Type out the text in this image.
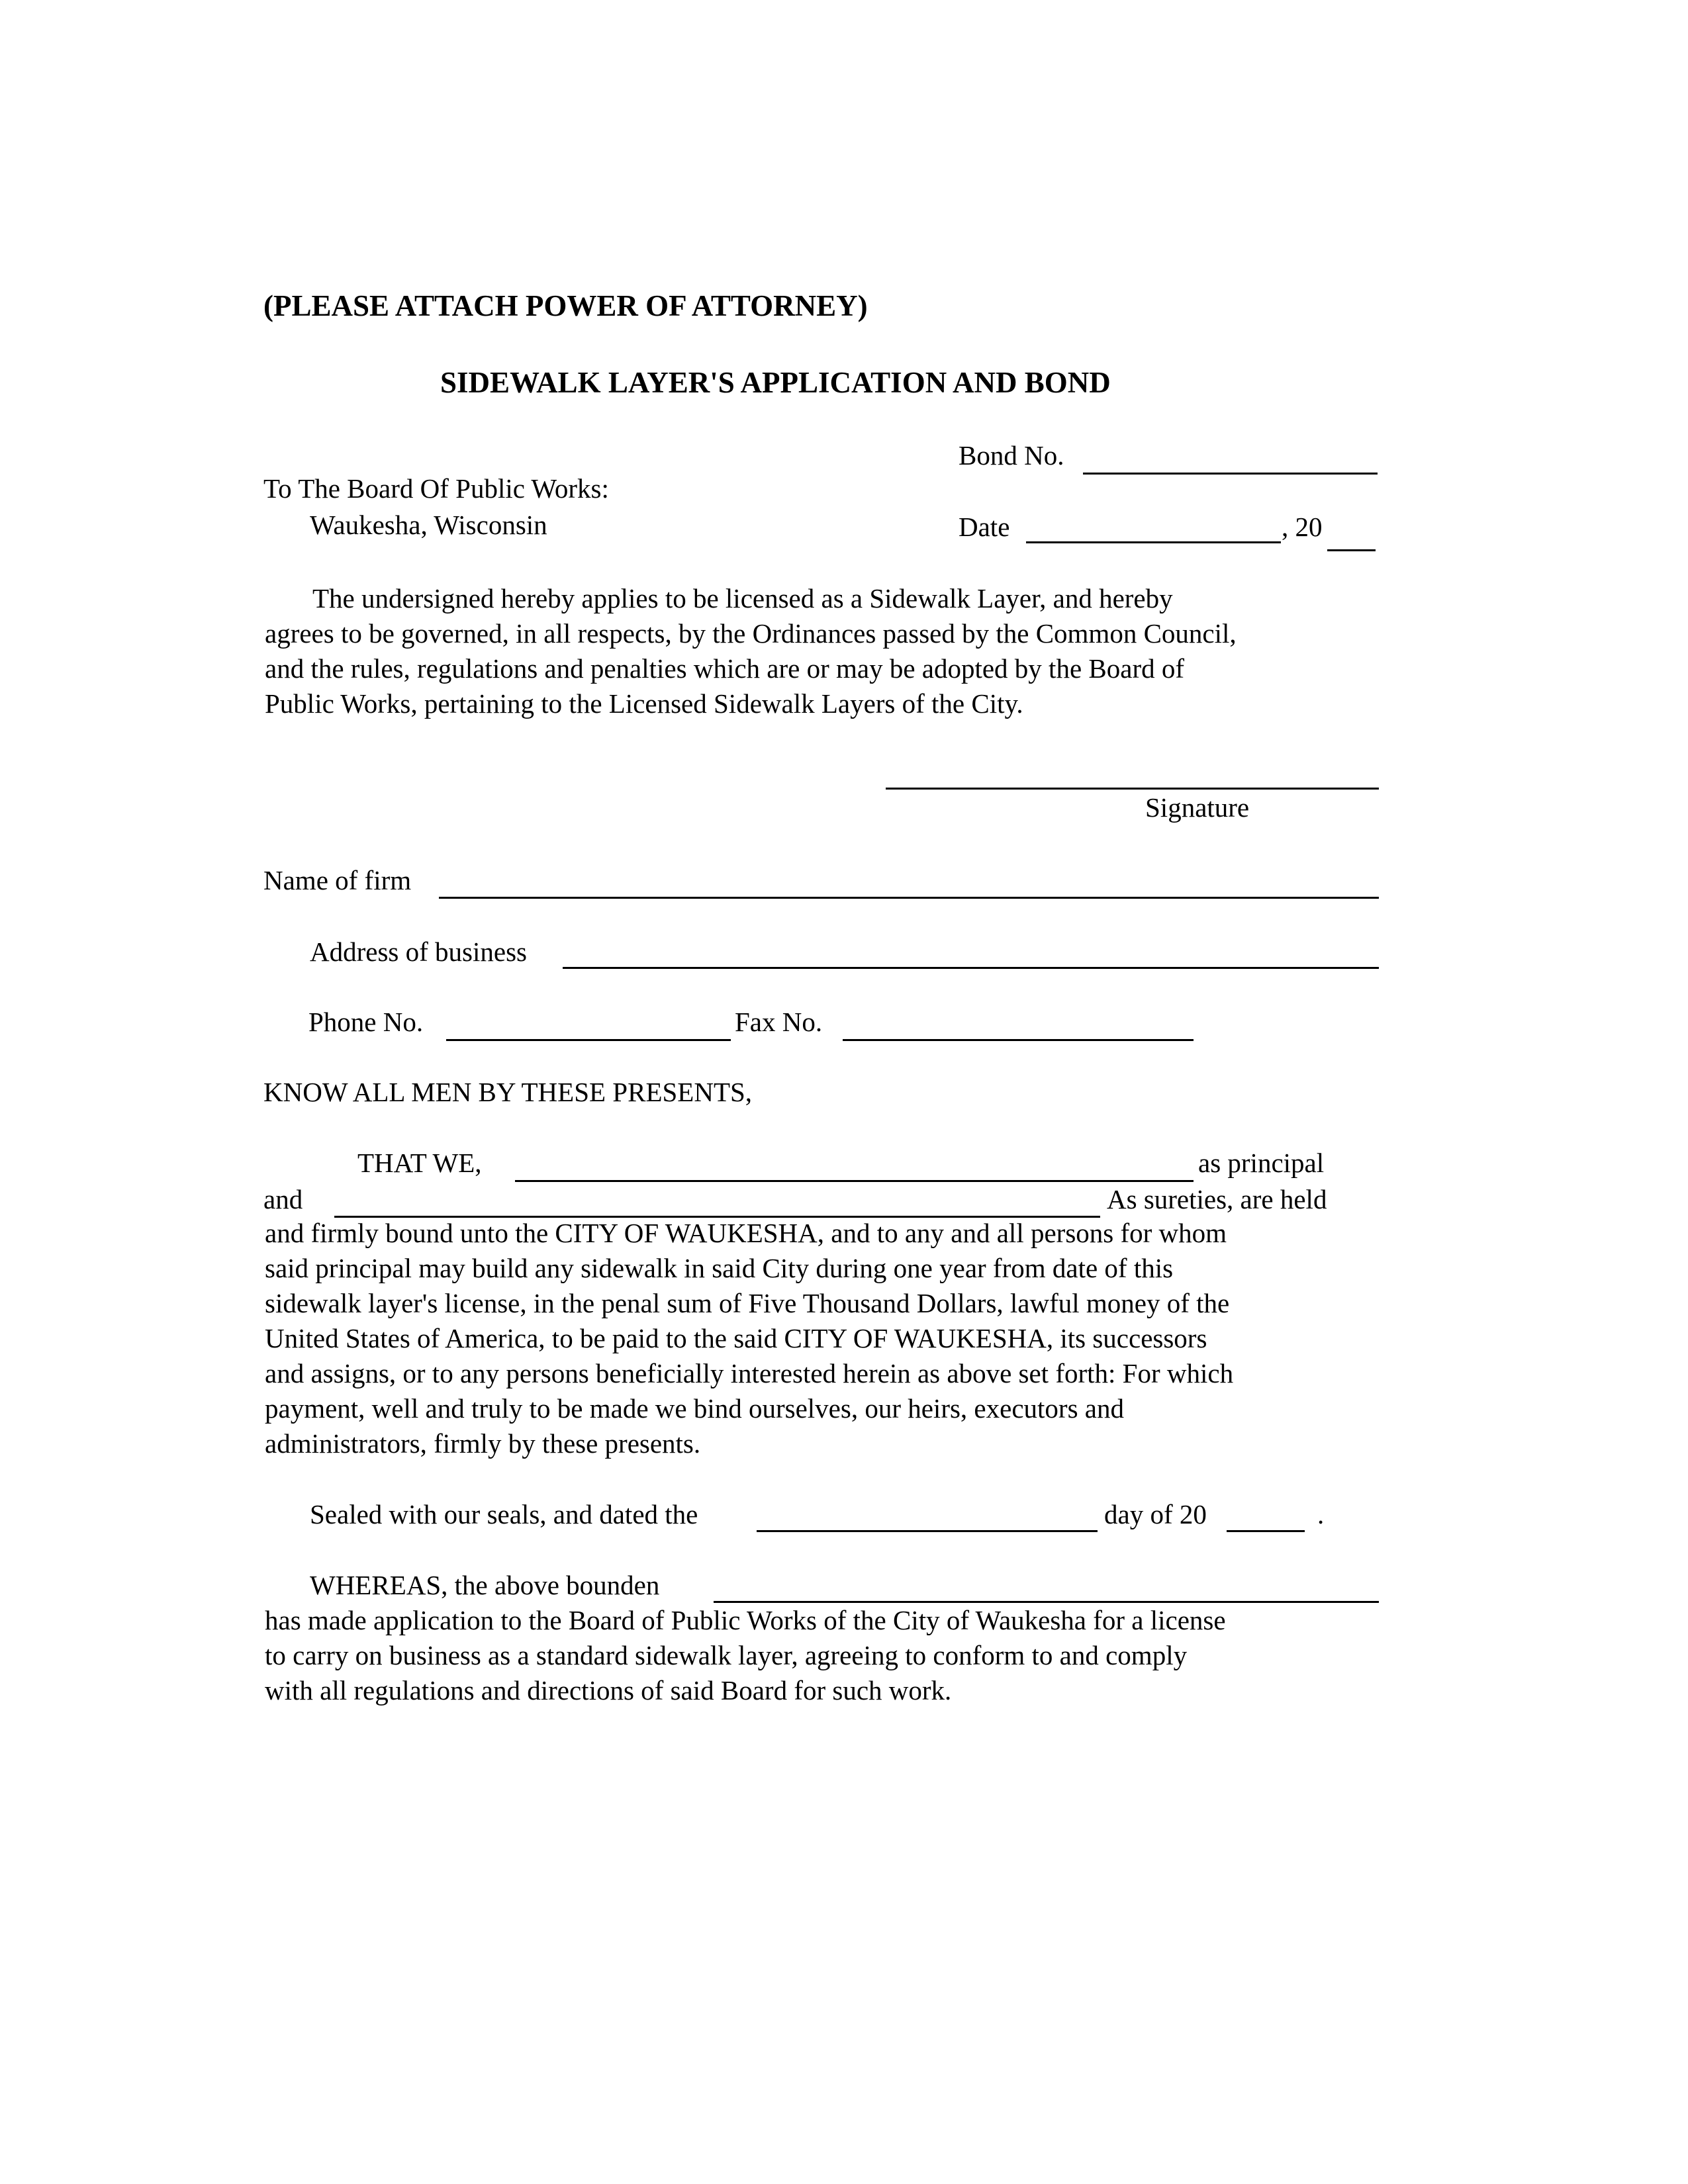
(PLEASE ATTACH POWER OF ATTORNEY)
SIDEWALK LAYER'S APPLICATION AND BOND
Bond No.
To The Board Of Public Works:
Waukesha, Wisconsin	Date	, 20
The undersigned hereby applies to be licensed as a Sidewalk Layer, and hereby
agrees to be governed, in all respects, by the Ordinances passed by the Common Council,
and the rules, regulations and penalties which are or may be adopted by the Board of
Public Works, pertaining to the Licensed Sidewalk Layers of the City.
Signature
Name of firm
Address of business
Phone No.	Fax No.
KNOW ALL MEN BY THESE PRESENTS,
THAT WE,	as principal
and	As sureties, are held
and firmly bound unto the CITY OF WAUKESHA, and to any and all persons for whom
said principal may build any sidewalk in said City during one year from date of this
sidewalk layer's license, in the penal sum of Five Thousand Dollars, lawful money of the
United States of America, to be paid to the said CITY OF WAUKESHA, its successors
and assigns, or to any persons beneficially interested herein as above set forth: For which
payment, well and truly to be made we bind ourselves, our heirs, executors and
administrators, firmly by these presents.
Sealed with our seals, and dated the	day of 20	.
WHEREAS, the above bounden
has made application to the Board of Public Works of the City of Waukesha for a license
to carry on business as a standard sidewalk layer, agreeing to conform to and comply
with all regulations and directions of said Board for such work.
